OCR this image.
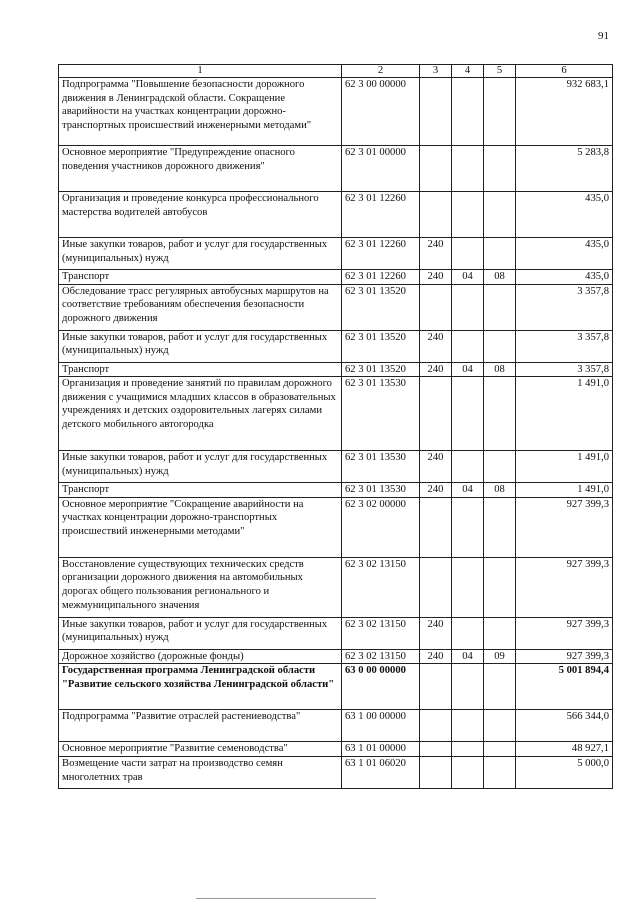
91
1	2	3	4	5	6
Подпрограмма "Повышение безопасности дорожного движения в Ленинградской области. Сокращение аварийности на участках концентрации дорожно-транспортных происшествий инженерными методами"	62 3 00 00000				932 683,1
Основное мероприятие "Предупреждение опасного поведения участников дорожного движения"	62 3 01 00000				5 283,8
Организация и проведение конкурса профессионального мастерства водителей автобусов	62 3 01 12260				435,0
Иные закупки товаров, работ и услуг для государственных (муниципальных) нужд	62 3 01 12260	240			435,0
Транспорт	62 3 01 12260	240	04	08	435,0
Обследование трасс регулярных автобусных маршрутов на соответствие требованиям обеспечения безопасности дорожного движения	62 3 01 13520				3 357,8
Иные закупки товаров, работ и услуг для государственных (муниципальных) нужд	62 3 01 13520	240			3 357,8
Транспорт	62 3 01 13520	240	04	08	3 357,8
Организация и проведение занятий по правилам дорожного движения с учащимися младших классов в образовательных учреждениях и детских оздоровительных лагерях силами детского мобильного автогородка	62 3 01 13530				1 491,0
Иные закупки товаров, работ и услуг для государственных (муниципальных) нужд	62 3 01 13530	240			1 491,0
Транспорт	62 3 01 13530	240	04	08	1 491,0
Основное мероприятие "Сокращение аварийности на участках концентрации дорожно-транспортных происшествий инженерными методами"	62 3 02 00000				927 399,3
Восстановление существующих технических средств организации дорожного движения на автомобильных дорогах общего пользования регионального и межмуниципального значения	62 3 02 13150				927 399,3
Иные закупки товаров, работ и услуг для государственных (муниципальных) нужд	62 3 02 13150	240			927 399,3
Дорожное хозяйство (дорожные фонды)	62 3 02 13150	240	04	09	927 399,3
Государственная программа Ленинградской области "Развитие сельского хозяйства Ленинградской области"	63 0 00 00000				5 001 894,4
Подпрограмма "Развитие отраслей растениеводства"	63 1 00 00000				566 344,0
Основное мероприятие "Развитие семеноводства"	63 1 01 00000				48 927,1
Возмещение части затрат на производство семян многолетних трав	63 1 01 06020				5 000,0
